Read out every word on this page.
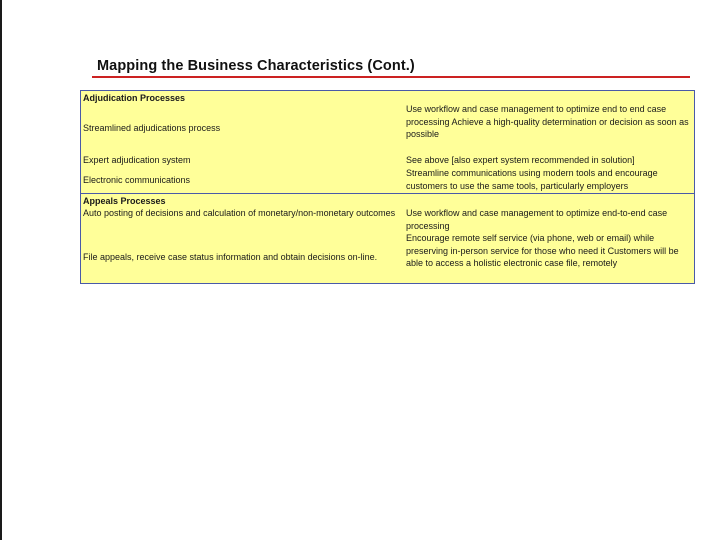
Mapping the Business Characteristics (Cont.)
Adjudication Processes
Streamlined adjudications process
Use workflow and case management to optimize end to end case processing Achieve a high-quality determination or decision as soon as possible
Expert adjudication system	See above [also expert system recommended in solution]
Electronic communications
Streamline communications using modern tools and encourage customers to use the same tools, particularly employers
Appeals Processes
Auto posting of decisions and calculation of monetary/non-monetary outcomes	Use workflow and case management to optimize end-to-end case processing
File appeals, receive case status information and obtain decisions on-line.
Encourage remote self service (via phone, web or email) while preserving in-person service for those who need it Customers will be able to access a holistic electronic case file, remotely
